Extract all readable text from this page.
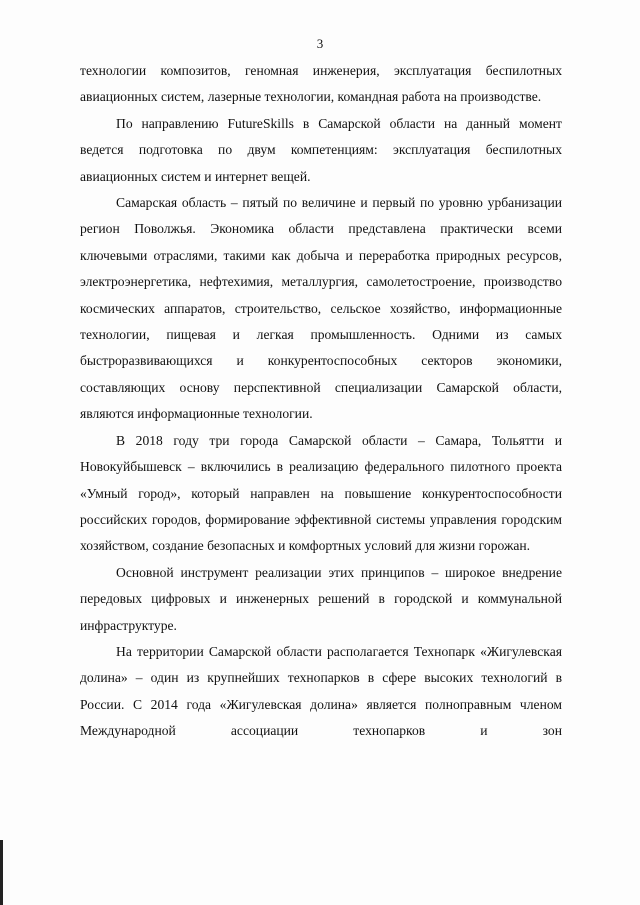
3

технологии композитов, геномная инженерия, эксплуатация беспилотных авиационных систем, лазерные технологии, командная работа на производстве.

По направлению FutureSkills в Самарской области на данный момент ведется подготовка по двум компетенциям: эксплуатация беспилотных авиационных систем и интернет вещей.

Самарская область – пятый по величине и первый по уровню урбанизации регион Поволжья. Экономика области представлена практически всеми ключевыми отраслями, такими как добыча и переработка природных ресурсов, электроэнергетика, нефтехимия, металлургия, самолетостроение, производство космических аппаратов, строительство, сельское хозяйство, информационные технологии, пищевая и легкая промышленность. Одними из самых быстроразвивающихся и конкурентоспособных секторов экономики, составляющих основу перспективной специализации Самарской области, являются информационные технологии.

В 2018 году три города Самарской области – Самара, Тольятти и Новокуйбышевск – включились в реализацию федерального пилотного проекта «Умный город», который направлен на повышение конкурентоспособности российских городов, формирование эффективной системы управления городским хозяйством, создание безопасных и комфортных условий для жизни горожан.

Основной инструмент реализации этих принципов – широкое внедрение передовых цифровых и инженерных решений в городской и коммунальной инфраструктуре.

На территории Самарской области располагается Технопарк «Жигулевская долина» – один из крупнейших технопарков в сфере высоких технологий в России. С 2014 года «Жигулевская долина» является полноправным членом Международной ассоциации технопарков и зон
